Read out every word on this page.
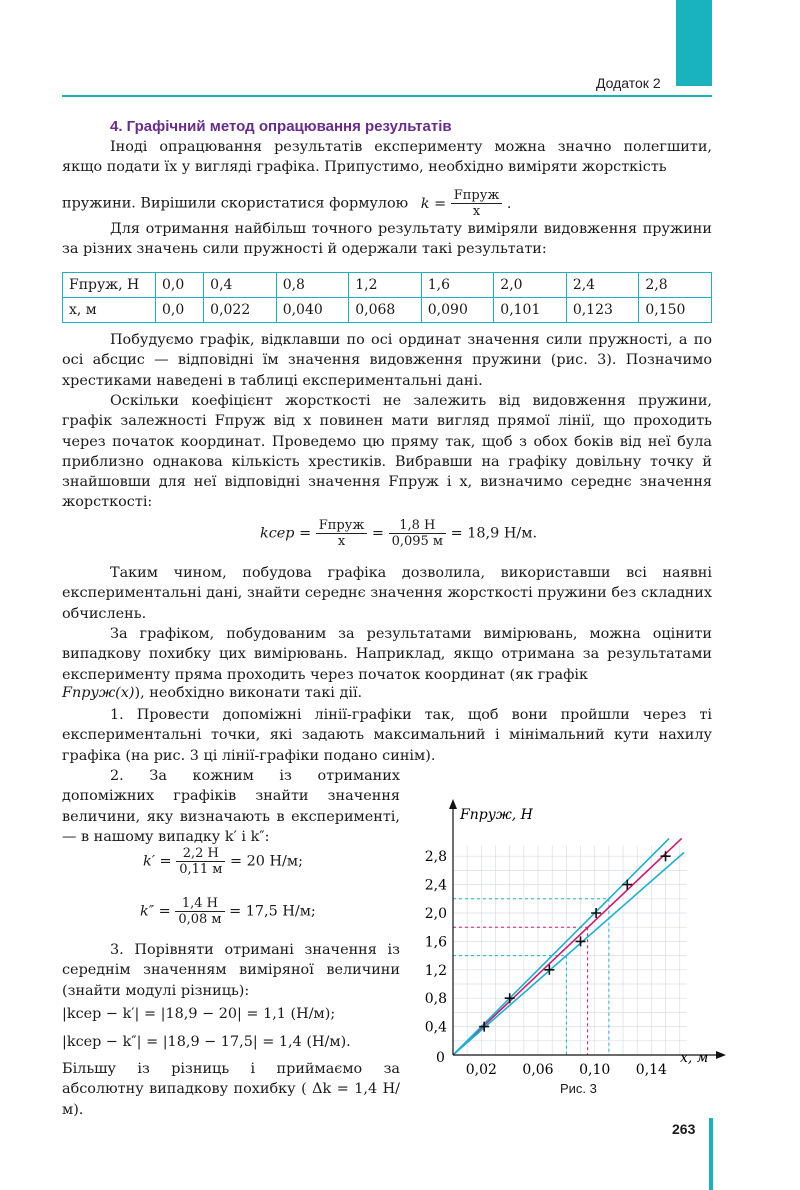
Додаток 2
4. Графічний метод опрацювання результатів

Іноді опрацювання результатів експерименту можна значно полегшити, якщо подати їх у вигляді графіка. Припустимо, необхідно виміряти жорсткість

пружини. Вирішили скористатися формулою $k = \frac{\text{Fпруж}}{x}$ .

Для отримання найбільш точного результату виміряли видовження пружини за різних значень сили пружності й одержали такі результати:

Fпруж, Н	0,0	0,4	0,8	1,2	1,6	2,0	2,4	2,8
x, м	0,0	0,022	0,040	0,068	0,090	0,101	0,123	0,150

Побудуємо графік, відклавши по осі ординат значення сили пружності, а по осі абсцис — відповідні їм значення видовження пружини (рис. 3). Позначимо хрестиками наведені в таблиці експериментальні дані.

Оскільки коефіцієнт жорсткості не залежить від видовження пружини, графік залежності Fпруж від x повинен мати вигляд прямої лінії, що проходить через початок координат. Проведемо цю пряму так, щоб з обох боків від неї була приблизно однакова кількість хрестиків. Вибравши на графіку довільну точку й знайшовши для неї відповідні значення Fпруж і x, визначимо середнє значення жорсткості:

kсер = $\frac{\text{Fпруж}}{x} = \frac{1,8 Н}{0,095 м} = 18,9$ Н/м.

Таким чином, побудова графіка дозволила, використавши всі наявні експериментальні дані, знайти середнє значення жорсткості пружини без складних обчислень.

За графіком, побудованим за результатами вимірювань, можна оцінити випадкову похибку цих вимірювань. Наприклад, якщо отримана за результатами експерименту пряма проходить через початок координат (як графік

Fпруж(x)), необхідно виконати такі дії.

1. Провести допоміжні лінії-графіки так, щоб вони пройшли через ті експериментальні точки, які задають максимальний і мінімальний кути нахилу графіка (на рис. 3 ці лінії-графіки подано синім).

2. За кожним із отриманих допоміжних графіків знайти значення величини, яку визначають в експерименті,— в нашому випадку k′ і k″:

$k' = \frac{2,2 Н}{0,11 м} = 20$ Н/м;
$k'' = \frac{1,4 Н}{0,08 м} = 17,5$ Н/м;

3. Порівняти отримані значення із середнім значенням виміряної величини (знайти модулі різниць):

|kсер − k′| = |18,9 − 20| = 1,1 (Н/м);
|kсер − k″| = |18,9 − 17,5| = 1,4 (Н/м).

Більшу із різниць і приймаємо за абсолютну випадкову похибку ( Δk = 1,4 Н/м).

0,4
0,8
1,2
1,6
2,0
2,4
2,8
0,02 0,06 0,10 0,14
Fпруж, Н
x, м
0
Рис. 3
263
